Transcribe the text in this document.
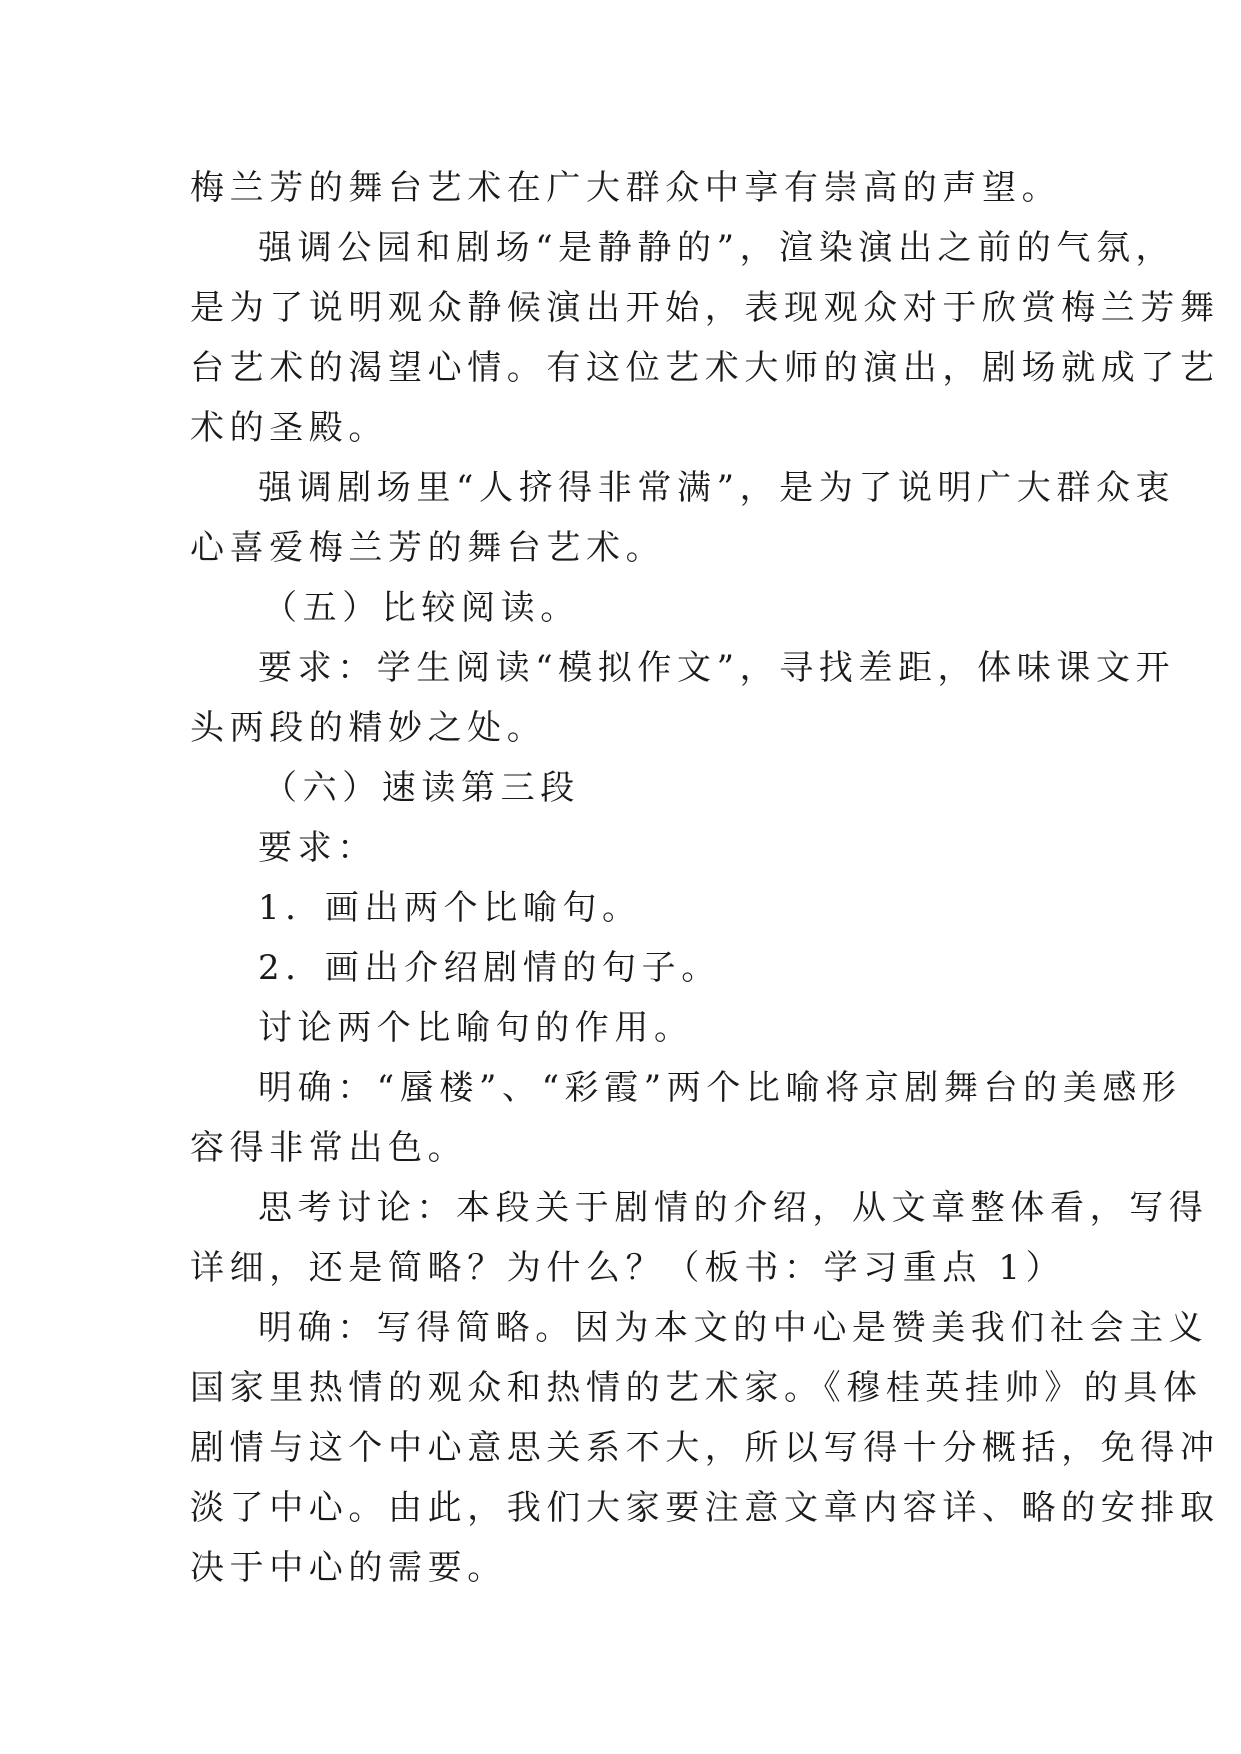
梅兰芳的舞台艺术在广大群众中享有崇高的声望。
强调公园和剧场“是静静的”，渲染演出之前的气氛，
是为了说明观众静候演出开始，表现观众对于欣赏梅兰芳舞
台艺术的渴望心情。有这位艺术大师的演出，剧场就成了艺
术的圣殿。
强调剧场里“人挤得非常满”，是为了说明广大群众衷
心喜爱梅兰芳的舞台艺术。
（五）比较阅读。
要求：学生阅读“模拟作文”，寻找差距，体味课文开
头两段的精妙之处。
（六）速读第三段
要求：
1．画出两个比喻句。
2．画出介绍剧情的句子。
讨论两个比喻句的作用。
明确：“蜃楼”、“彩霞”两个比喻将京剧舞台的美感形
容得非常出色。
思考讨论：本段关于剧情的介绍，从文章整体看，写得
详细，还是简略？为什么？（板书：学习重点 1）
明确：写得简略。因为本文的中心是赞美我们社会主义
国家里热情的观众和热情的艺术家。《穆桂英挂帅》的具体
剧情与这个中心意思关系不大，所以写得十分概括，免得冲
淡了中心。由此，我们大家要注意文章内容详、略的安排取
决于中心的需要。
